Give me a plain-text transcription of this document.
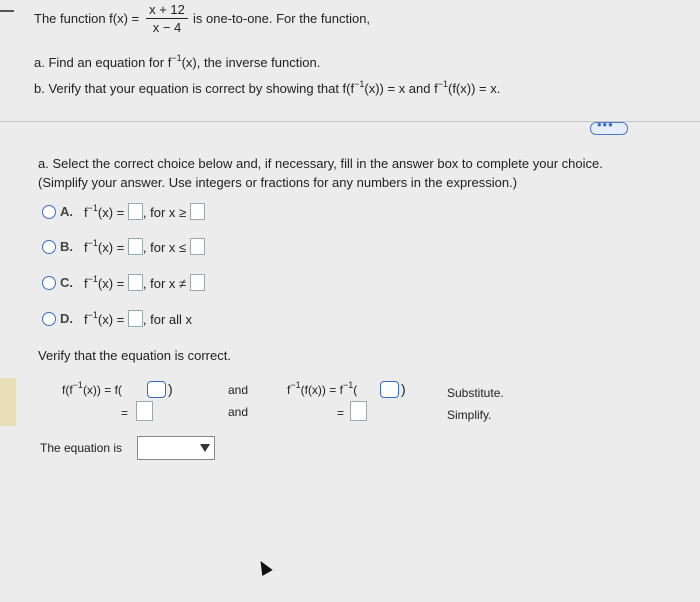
The function f(x) =
x + 12
x − 4
is one-to-one. For the function,
a. Find an equation for $f^{-1}(x)$, the inverse function.
b. Verify that your equation is correct by showing that $f(f^{-1}(x)) = x$ and $f^{-1}(f(x)) = x$.
•••
a. Select the correct choice below and, if necessary, fill in the answer box to complete your choice.
(Simplify your answer. Use integers or fractions for any numbers in the expression.)
A. $f^{-1}(x)$ = , for x ≥
B. $f^{-1}(x)$ = , for x ≤
C. $f^{-1}(x)$ = , for x ≠
D. $f^{-1}(x)$ = , for all x
Verify that the equation is correct.
$f(f^{-1}(x)) = f$(	)
=
and
and
$f^{-1}(f(x)) = f^{-1}$(	)
=
Substitute.
Simplify.
The equation is
